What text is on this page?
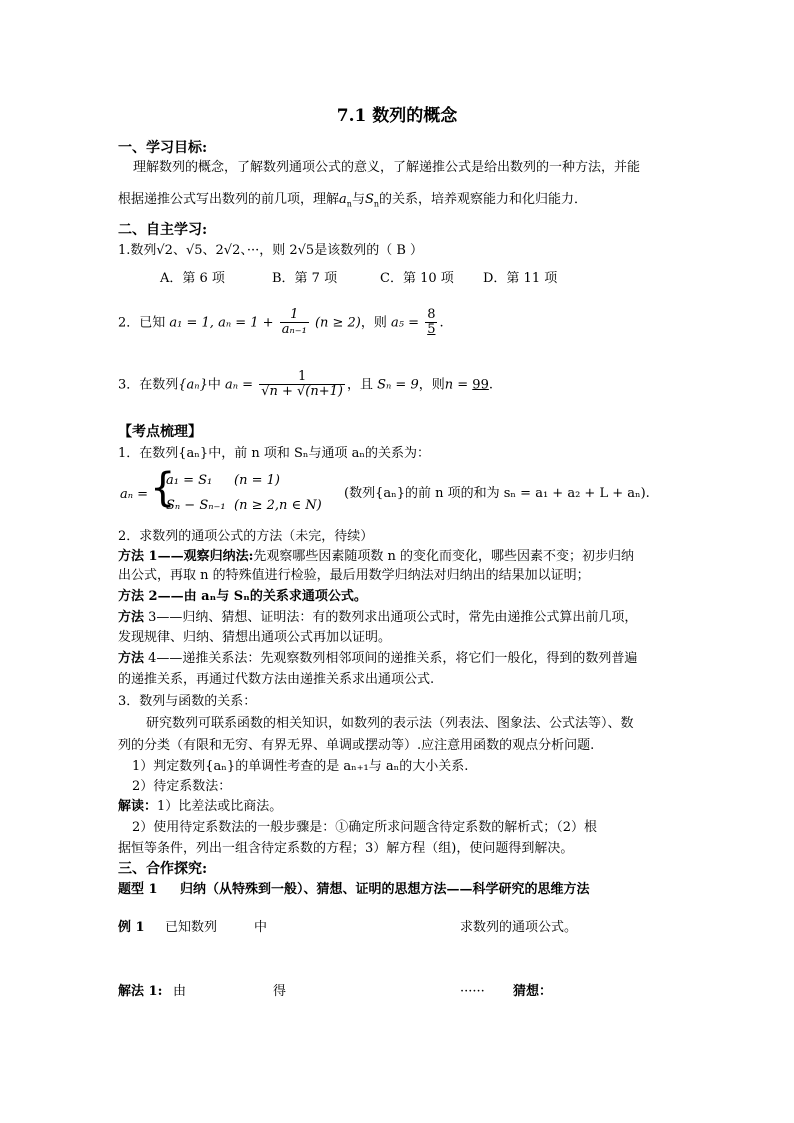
7.1 数列的概念
一、学习目标:
理解数列的概念，了解数列通项公式的意义，了解递推公式是给出数列的一种方法，并能
根据递推公式写出数列的前几项，理解$a_n$与$S_n$的关系，培养观察能力和化归能力．
二、自主学习:
1.数列√2、√5、2√2、···，则 2√5是该数列的（ B ）
A．第 6 项	B．第 7 项	C．第 10 项 D．第 11 项
2．已知 a₁ = 1, $a_n = 1 + \frac{1}{\text{aₙ₋₁}} (n \ge 2)$，则 $a_5 = \frac{8}{5}$ .
3．在数列{aₙ}中 $a_n = \frac{1}{√n + √(n+1)}$ ，且 Sₙ = 9，则n = 99.
【考点梳理】
1．在数列{aₙ}中，前 n 项和 Sₙ与通项 aₙ的关系为：
aₙ = {
a₁ = S₁ (n = 1)
Sₙ − Sₙ₋₁ (n ≥ 2,n ∈ N)
(数列{aₙ}的前 n 项的和为 sₙ = a₁ + a₂ + L + aₙ).
2．求数列的通项公式的方法（未完，待续）
方法 1——观察归纳法:先观察哪些因素随项数 n 的变化而变化，哪些因素不变；初步归纳
出公式，再取 n 的特殊值进行检验，最后用数学归纳法对归纳出的结果加以证明；
方法 2——由 aₙ与 Sₙ的关系求通项公式。
方法 3——归纳、猜想、证明法：有的数列求出通项公式时，常先由递推公式算出前几项，
发现规律、归纳、猜想出通项公式再加以证明。
方法 4——递推关系法：先观察数列相邻项间的递推关系，将它们一般化，得到的数列普遍
的递推关系，再通过代数方法由递推关系求出通项公式.
3．数列与函数的关系：
研究数列可联系函数的相关知识，如数列的表示法（列表法、图象法、公式法等）、数
列的分类（有限和无穷、有界无界、单调或摆动等）.应注意用函数的观点分析问题.
1）判定数列{aₙ}的单调性考查的是 aₙ₊₁与 aₙ的大小关系.
2）待定系数法：
解读：1）比差法或比商法。
2）使用待定系数法的一般步骤是：①确定所求问题含待定系数的解析式；（2）根
据恒等条件，列出一组含待定系数的方程；3）解方程（组)，使问题得到解决。
三、合作探究:
题型 1 归纳（从特殊到一般）、猜想、证明的思想方法——科学研究的思维方法
例 1 已知数列	中	求数列的通项公式。
解法 1: 由	得	······ 猜想：
